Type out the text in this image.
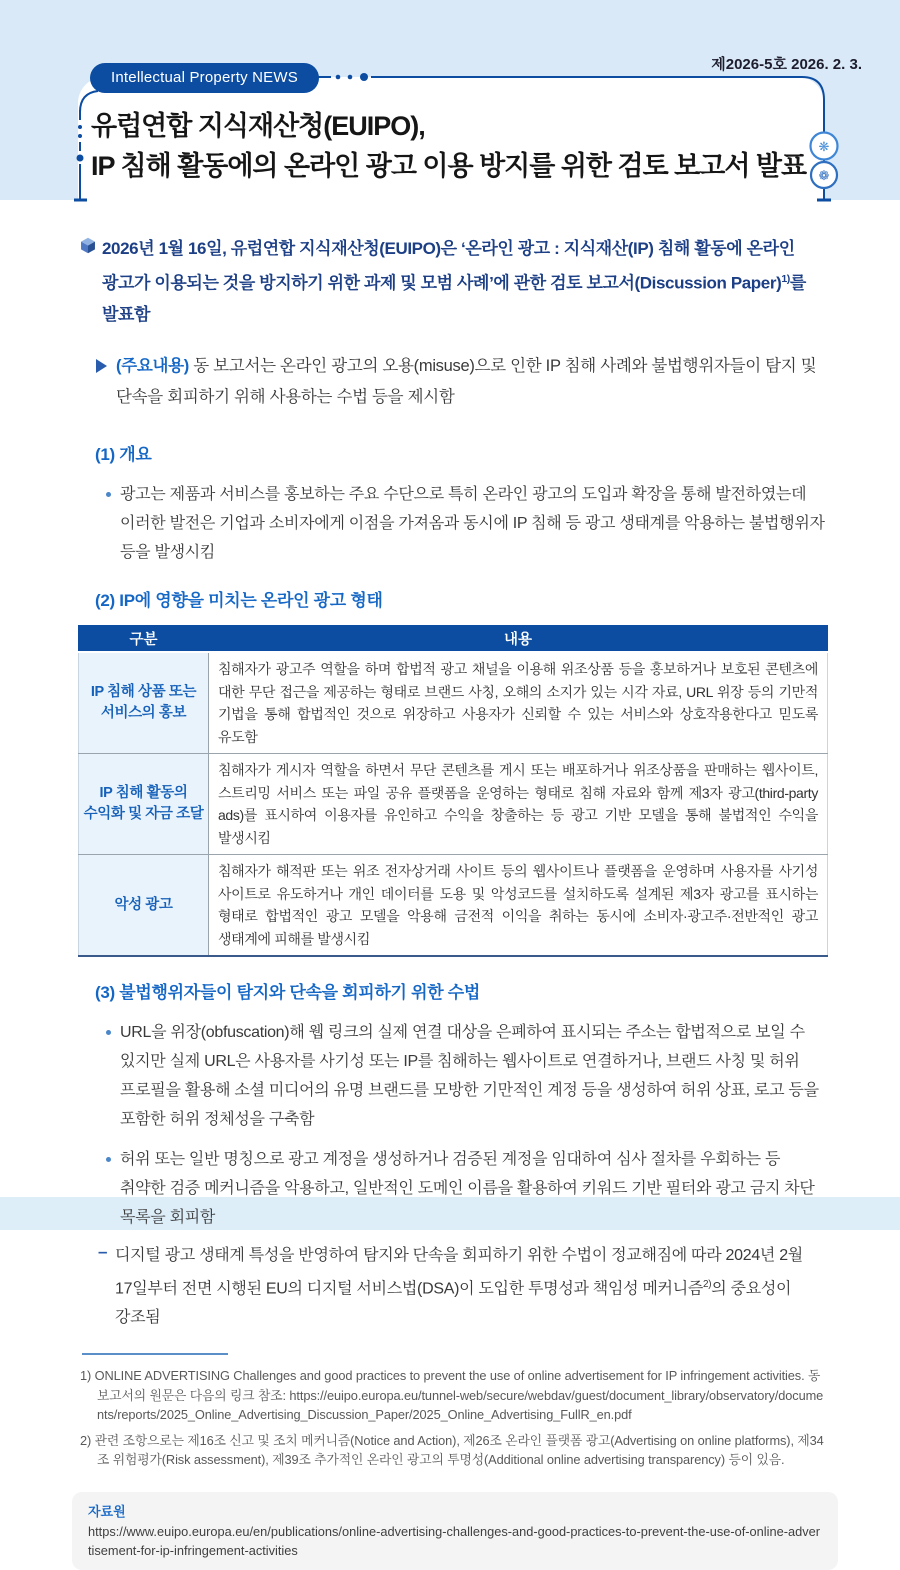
❋
❁
제2026-5호 2026. 2. 3.
Intellectual Property NEWS
유럽연합 지식재산청(EUIPO),
IP 침해 활동에의 온라인 광고 이용 방지를 위한 검토 보고서 발표

2026년 1월 16일, 유럽연합 지식재산청(EUIPO)은 ‘온라인 광고 : 지식재산(IP) 침해 활동에 온라인 광고가 이용되는 것을 방지하기 위한 과제 및 모범 사례’에 관한 검토 보고서(Discussion Paper)$^{1)}$를 발표함

(주요내용) 동 보고서는 온라인 광고의 오용(misuse)으로 인한 IP 침해 사례와 불법행위자들이 탐지 및 단속을 회피하기 위해 사용하는 수법 등을 제시함

(1) 개요

광고는 제품과 서비스를 홍보하는 주요 수단으로 특히 온라인 광고의 도입과 확장을 통해 발전하였는데 이러한 발전은 기업과 소비자에게 이점을 가져옴과 동시에 IP 침해 등 광고 생태계를 악용하는 불법행위자 등을 발생시킴

(2) IP에 영향을 미치는 온라인 광고 형태
구분	내용
IP 침해 상품 또는 서비스의 홍보	침해자가 광고주 역할을 하며 합법적 광고 채널을 이용해 위조상품 등을 홍보하거나 보호된 콘텐츠에 대한 무단 접근을 제공하는 형태로 브랜드 사칭, 오해의 소지가 있는 시각 자료, URL 위장 등의 기만적 기법을 통해 합법적인 것으로 위장하고 사용자가 신뢰할 수 있는 서비스와 상호작용한다고 믿도록 유도함
IP 침해 활동의 수익화 및 자금 조달	침해자가 게시자 역할을 하면서 무단 콘텐츠를 게시 또는 배포하거나 위조상품을 판매하는 웹사이트, 스트리밍 서비스 또는 파일 공유 플랫폼을 운영하는 형태로 침해 자료와 함께 제3자 광고(third-party ads)를 표시하여 이용자를 유인하고 수익을 창출하는 등 광고 기반 모델을 통해 불법적인 수익을 발생시킴
악성 광고	침해자가 해적판 또는 위조 전자상거래 사이트 등의 웹사이트나 플랫폼을 운영하며 사용자를 사기성 사이트로 유도하거나 개인 데이터를 도용 및 악성코드를 설치하도록 설계된 제3자 광고를 표시하는 형태로 합법적인 광고 모델을 악용해 금전적 이익을 취하는 동시에 소비자·광고주·전반적인 광고 생태계에 피해를 발생시킴
(3) 불법행위자들이 탐지와 단속을 회피하기 위한 수법

URL을 위장(obfuscation)해 웹 링크의 실제 연결 대상을 은폐하여 표시되는 주소는 합법적으로 보일 수 있지만 실제 URL은 사용자를 사기성 또는 IP를 침해하는 웹사이트로 연결하거나, 브랜드 사칭 및 허위 프로필을 활용해 소셜 미디어의 유명 브랜드를 모방한 기만적인 계정 등을 생성하여 허위 상표, 로고 등을 포함한 허위 정체성을 구축함

허위 또는 일반 명칭으로 광고 계정을 생성하거나 검증된 계정을 임대하여 심사 절차를 우회하는 등 취약한 검증 메커니즘을 악용하고, 일반적인 도메인 이름을 활용하여 키워드 기반 필터와 광고 금지 차단 목록을 회피함

– 디지털 광고 생태계 특성을 반영하여 탐지와 단속을 회피하기 위한 수법이 정교해짐에 따라 2024년 2월 17일부터 전면 시행된 EU의 디지털 서비스법(DSA)이 도입한 투명성과 책임성 메커니즘$^{2)}$의 중요성이 강조됨

1) ONLINE ADVERTISING Challenges and good practices to prevent the use of online advertisement for IP infringement activities. 동 보고서의 원문은 다음의 링크 참조: https://euipo.europa.eu/tunnel-web/secure/webdav/guest/document_library/observatory/documents/reports/2025_Online_Advertising_Discussion_Paper/2025_Online_Advertising_FullR_en.pdf

2) 관련 조항으로는 제16조 신고 및 조치 메커니즘(Notice and Action), 제26조 온라인 플랫폼 광고(Advertising on online platforms), 제34조 위험평가(Risk assessment), 제39조 추가적인 온라인 광고의 투명성(Additional online advertising transparency) 등이 있음.

자료원
https://www.euipo.europa.eu/en/publications/online-advertising-challenges-and-good-practices-to-prevent-the-use-of-online-advertisement-for-ip-infringement-activities
